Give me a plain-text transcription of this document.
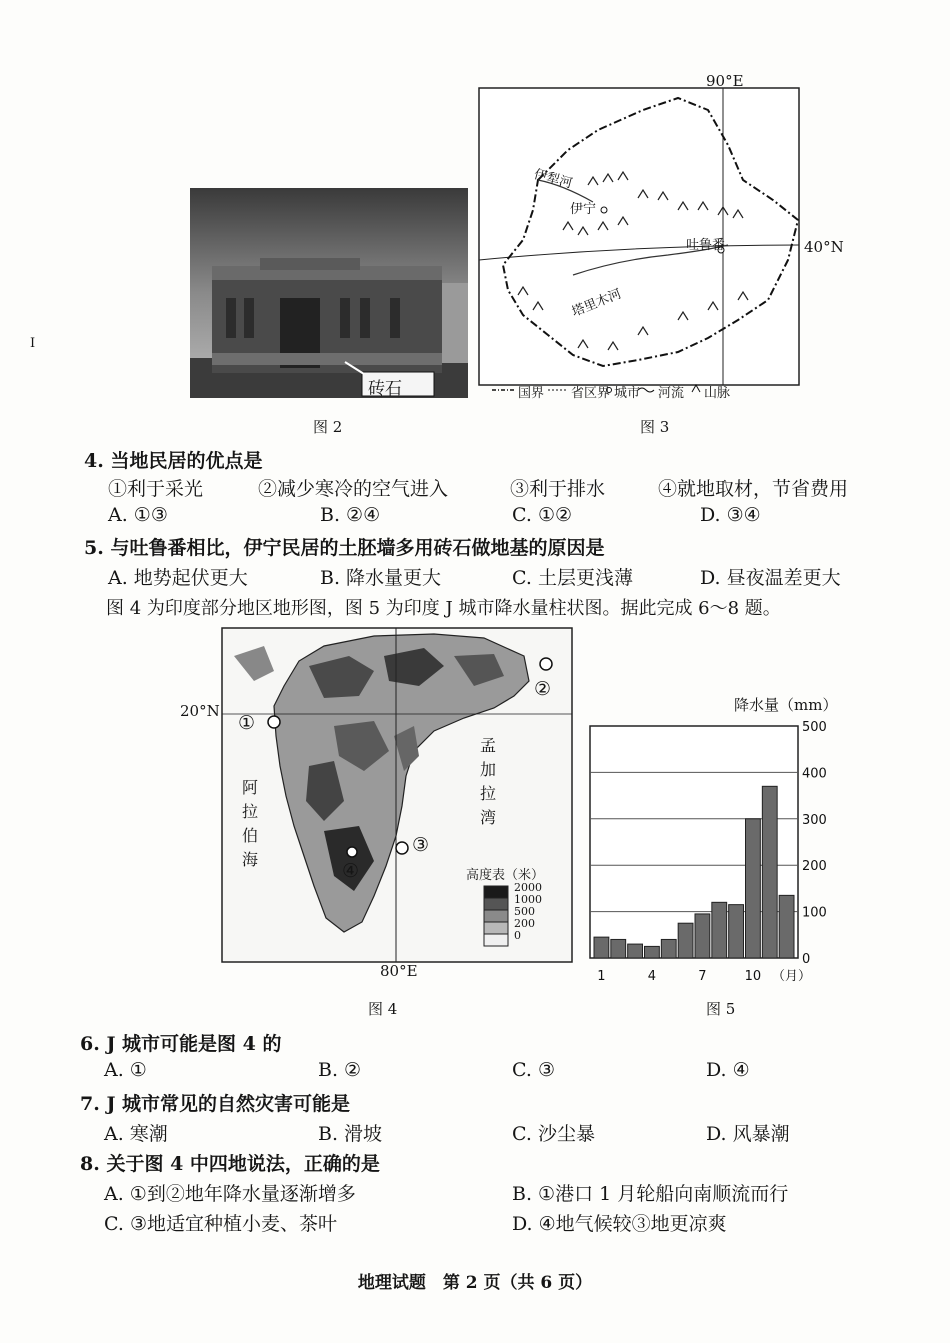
I
砖石
图 2
90°E
40°N
伊犁河
伊宁
吐鲁番
塔里木河
国界 省区界 城市 河流 山脉
图 3
4. 当地民居的优点是
①利于采光	②减少寒冷的空气进入	③利于排水	④就地取材，节省费用
A. ①③	B. ②④	C. ①②	D. ③④
5. 与吐鲁番相比，伊宁民居的土胚墙多用砖石做地基的原因是
A. 地势起伏更大	B. 降水量更大	C. 土层更浅薄	D. 昼夜温差更大
图 4 为印度部分地区地形图，图 5 为印度 J 城市降水量柱状图。据此完成 6～8 题。
20°N
80°E
①
②
③
④
阿
拉
伯
海
孟
加
拉
湾
高度表（米）
2000
1000
500
200
0
图 4
500
400
300
200
100
0
1	4	7	10 （月）
降水量（mm）
图 5
6. J 城市可能是图 4 的
A. ①	B. ②	C. ③	D. ④
7. J 城市常见的自然灾害可能是
A. 寒潮	B. 滑坡	C. 沙尘暴	D. 风暴潮
8. 关于图 4 中四地说法，正确的是
A. ①到②地年降水量逐渐增多	B. ①港口 1 月轮船向南顺流而行
C. ③地适宜种植小麦、茶叶	D. ④地气候较③地更凉爽
地理试题　第 2 页（共 6 页）
